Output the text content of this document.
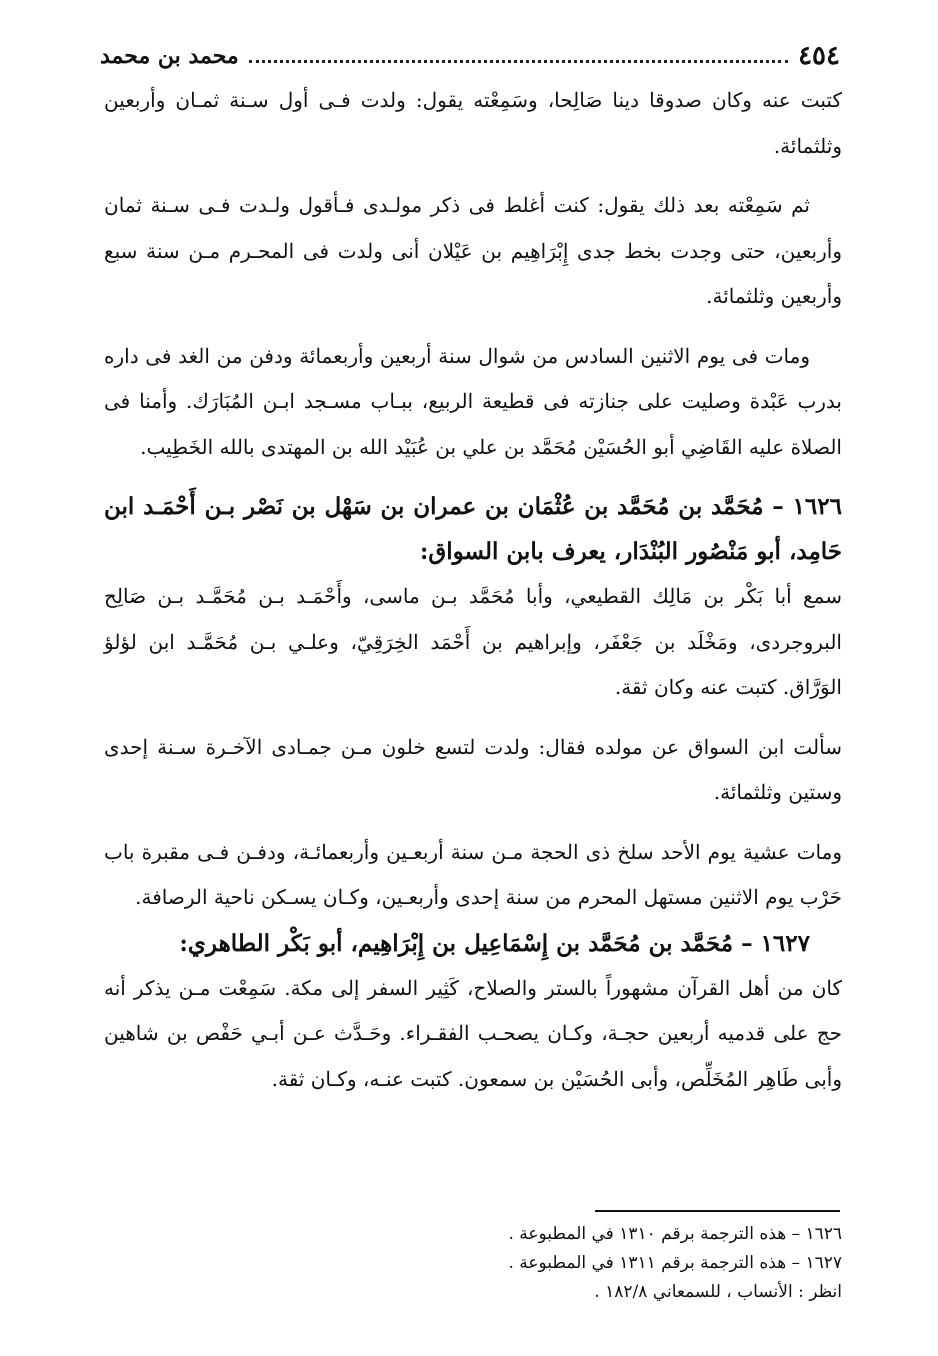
٤٥٤
محمد بن محمد

كتبت عنه وكان صدوقا دينا صَالِحا، وسَمِعْته يقول: ولدت فـى أول سـنة ثمـان وأربعين وثلثمائة.

ثم سَمِعْته بعد ذلك يقول: كنت أغلط فى ذكر مولـدى فـأقول ولـدت فـى سـنة ثمان وأربعين، حتى وجدت بخط جدى إِبْرَاهِيم بن عَيْلان أنى ولدت فى المحـرم مـن سنة سبع وأربعين وثلثمائة.

ومات فى يوم الاثنين السادس من شوال سنة أربعين وأربعمائة ودفن من الغد فى داره بدرب عَبْدة وصليت على جنازته فى قطيعة الربيع، ببـاب مسـجد ابـن المُبَارَك. وأمنا فى الصلاة عليه القَاضِي أبو الحُسَيْن مُحَمَّد بن علي بن عُبَيْد الله بن المهتدى بالله الخَطِيب.

١٦٢٦ – مُحَمَّد بن مُحَمَّد بن عُثْمَان بن عمران بن سَهْل بن نَصْر بـن أَحْمَـد ابن حَامِد، أبو مَنْصُور البُنْدَار، يعرف بابن السواق:

سمع أبا بَكْر بن مَالِك القطيعي، وأبا مُحَمَّد بـن ماسى، وأَحْمَـد بـن مُحَمَّـد بـن صَالِح البروجردى، ومَخْلَد بن جَعْفَر، وإبراهيم بن أَحْمَد الخِرَقِيّ، وعلـي بـن مُحَمَّـد ابن لؤلؤ الوَرَّاق. كتبت عنه وكان ثقة.

سألت ابن السواق عن مولده فقال: ولدت لتسع خلون مـن جمـادى الآخـرة سـنة إحدى وستين وثلثمائة.

ومات عشية يوم الأحد سلخ ذى الحجة مـن سنة أربعـين وأربعمائـة، ودفـن فـى مقبرة باب حَرْب يوم الاثنين مستهل المحرم من سنة إحدى وأربعـين، وكـان يسـكن ناحية الرصافة.

١٦٢٧ – مُحَمَّد بن مُحَمَّد بن إِسْمَاعِيل بن إِبْرَاهِيم، أبو بَكْر الطاهري:

كان من أهل القرآن مشهوراً بالستر والصلاح، كَثِير السفر إلى مكة. سَمِعْت مـن يذكر أنه حج على قدميه أربعين حجـة، وكـان يصحـب الفقـراء. وحَـدَّث عـن أبـي حَفْص بن شاهين وأبى طَاهِر المُخَلِّص، وأبى الحُسَيْن بن سمعون. كتبت عنـه، وكـان ثقة.

١٦٢٦ – هذه الترجمة برقم ١٣١٠ في المطبوعة .

١٦٢٧ – هذه الترجمة برقم ١٣١١ في المطبوعة .

انظر : الأنساب ، للسمعاني ١٨٢/٨ .
